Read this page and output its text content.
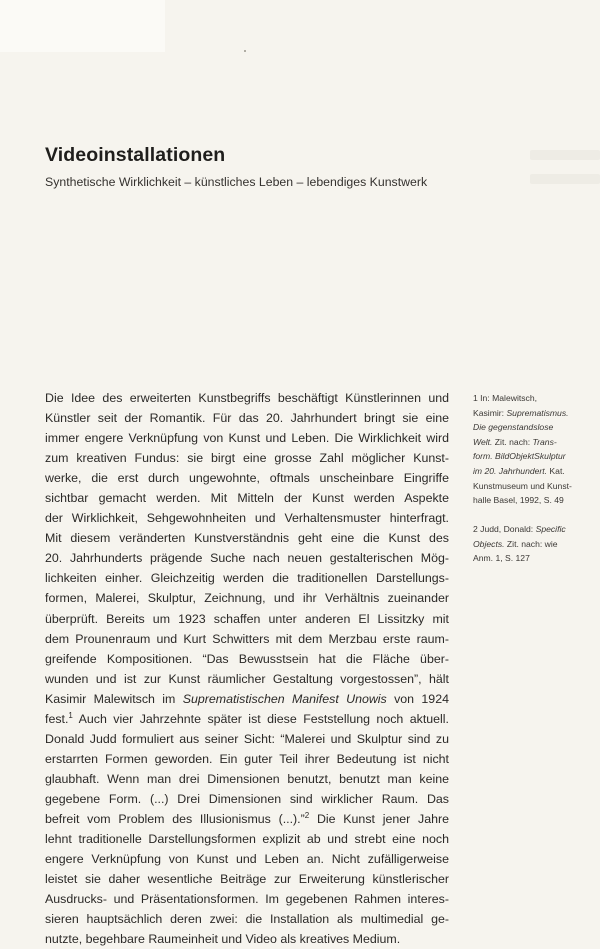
Videoinstallationen

Synthetische Wirklichkeit – künstliches Leben – lebendiges Kunstwerk

Die Idee des erweiterten Kunstbegriffs beschäftigt Künstlerinnen und
Künstler seit der Romantik. Für das 20. Jahrhundert bringt sie eine
immer engere Verknüpfung von Kunst und Leben. Die Wirklichkeit wird
zum kreativen Fundus: sie birgt eine grosse Zahl möglicher Kunst-
werke, die erst durch ungewohnte, oftmals unscheinbare Eingriffe
sichtbar gemacht werden. Mit Mitteln der Kunst werden Aspekte
der Wirklichkeit, Sehgewohnheiten und Verhaltensmuster hinterfragt.
Mit diesem veränderten Kunstverständnis geht eine die Kunst des
20. Jahrhunderts prägende Suche nach neuen gestalterischen Mög-
lichkeiten einher. Gleichzeitig werden die traditionellen Darstellungs-
formen, Malerei, Skulptur, Zeichnung, und ihr Verhältnis zueinander
überprüft. Bereits um 1923 schaffen unter anderen El Lissitzky mit
dem Prounenraum und Kurt Schwitters mit dem Merzbau erste raum-
greifende Kompositionen. “Das Bewusstsein hat die Fläche über-
wunden und ist zur Kunst räumlicher Gestaltung vorgestossen”, hält
Kasimir Malewitsch im Suprematistischen Manifest Unowis von 1924
fest.$^1$ Auch vier Jahrzehnte später ist diese Feststellung noch aktuell.
Donald Judd formuliert aus seiner Sicht: “Malerei und Skulptur sind zu
erstarrten Formen geworden. Ein guter Teil ihrer Bedeutung ist nicht
glaubhaft. Wenn man drei Dimensionen benutzt, benutzt man keine
gegebene Form. (...) Drei Dimensionen sind wirklicher Raum. Das
befreit vom Problem des Illusionismus (...).”$^2$ Die Kunst jener Jahre
lehnt traditionelle Darstellungsformen explizit ab und strebt eine noch
engere Verknüpfung von Kunst und Leben an. Nicht zufälligerweise
leistet sie daher wesentliche Beiträge zur Erweiterung künstlerischer
Ausdrucks- und Präsentationsformen. Im gegebenen Rahmen interes-
sieren hauptsächlich deren zwei: die Installation als multimedial ge-
nutzte, begehbare Raumeinheit und Video als kreatives Medium.
1 In: Malewitsch,
Kasimir: Suprematismus.
Die gegenstandslose
Welt. Zit. nach: Trans-
form. BildObjektSkulptur
im 20. Jahrhundert. Kat.
Kunstmuseum und Kunst-
halle Basel, 1992, S. 49
2 Judd, Donald: Specific
Objects. Zit. nach: wie
Anm. 1, S. 127
